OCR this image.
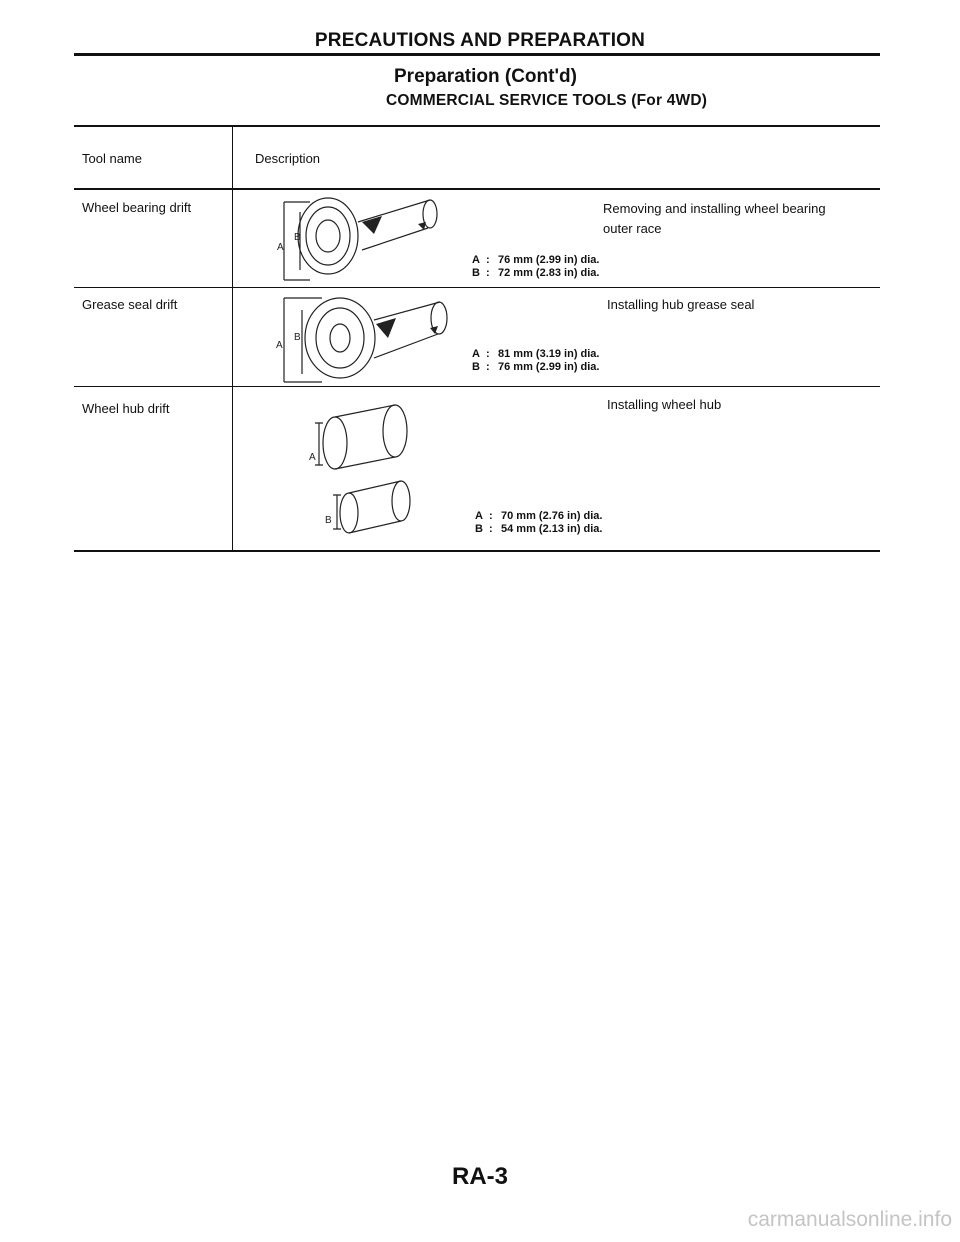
PRECAUTIONS AND PREPARATION
Preparation (Cont'd)
COMMERCIAL SERVICE TOOLS (For 4WD)
Tool name	Description
Wheel bearing drift
A
B
Removing and installing wheel bearing
outer race
A : 76 mm (2.99 in) dia.
B : 72 mm (2.83 in) dia.
Grease seal drift
A
B
Installing hub grease seal
A : 81 mm (3.19 in) dia.
B : 76 mm (2.99 in) dia.
Wheel hub drift
A
B
Installing wheel hub
A : 70 mm (2.76 in) dia.
B : 54 mm (2.13 in) dia.
RA-3
carmanualsonline.info
